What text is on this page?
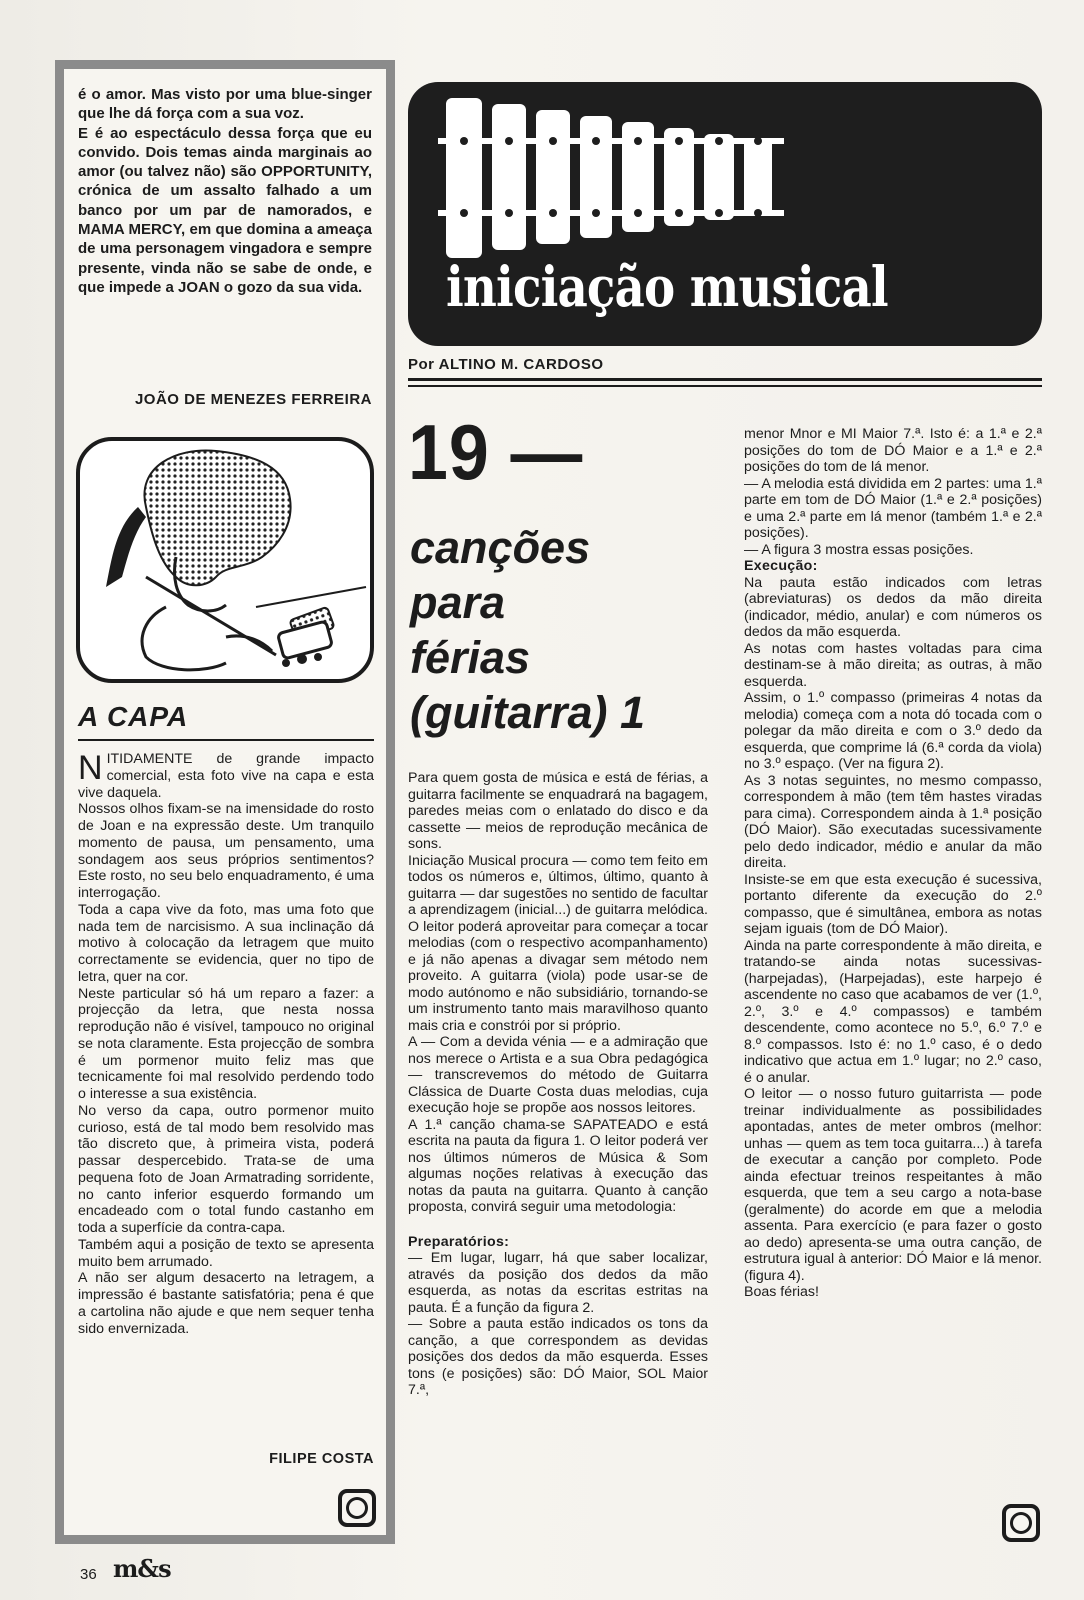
é o amor. Mas visto por uma blue-singer que lhe dá força com a sua voz.

E é ao espectáculo dessa força que eu convido. Dois temas ainda marginais ao amor (ou talvez não) são OPPORTUNITY, crónica de um assalto falhado a um banco por um par de namorados, e MAMA MERCY, em que domina a ameaça de uma personagem vingadora e sempre presente, vinda não se sabe de onde, e que impede a JOAN o gozo da sua vida.

JOÃO DE MENEZES FERREIRA
A CAPA

NITIDAMENTE de grande impacto comercial, esta foto vive na capa e esta vive daquela.

Nossos olhos fixam-se na imensidade do rosto de Joan e na expressão deste. Um tranquilo momento de pausa, um pensamento, uma sondagem aos seus próprios sentimentos? Este rosto, no seu belo enquadramento, é uma interrogação.

Toda a capa vive da foto, mas uma foto que nada tem de narcisismo. A sua inclinação dá motivo à colocação da letragem que muito correctamente se evidencia, quer no tipo de letra, quer na cor.

Neste particular só há um reparo a fazer: a projecção da letra, que nesta nossa reprodução não é visível, tampouco no original se nota claramente. Esta projecção de sombra é um pormenor muito feliz mas que tecnicamente foi mal resolvido perdendo todo o interesse a sua existência.

No verso da capa, outro pormenor muito curioso, está de tal modo bem resolvido mas tão discreto que, à primeira vista, poderá passar despercebido. Trata-se de uma pequena foto de Joan Armatrading sorridente, no canto inferior esquerdo formando um encadeado com o total fundo castanho em toda a superfície da contra-capa.

Também aqui a posição de texto se apresenta muito bem arrumado.

A não ser algum desacerto na letragem, a impressão é bastante satisfatória; pena é que a cartolina não ajude e que nem sequer tenha sido envernizada.

FILIPE COSTA
iniciação musical
Por ALTINO M. CARDOSO
19 —
canções
para
férias
(guitarra) 1

Para quem gosta de música e está de férias, a guitarra facilmente se enquadrará na bagagem, paredes meias com o enlatado do disco e da cassette — meios de reprodução mecânica de sons.

Iniciação Musical procura — como tem feito em todos os números e, últimos, último, quanto à guitarra — dar sugestões no sentido de facultar a aprendizagem (inicial...) de guitarra melódica. O leitor poderá aproveitar para começar a tocar melodias (com o respectivo acompanhamento) e já não apenas a divagar sem método nem proveito. A guitarra (viola) pode usar-se de modo autónomo e não subsidiário, tornando-se um instrumento tanto mais maravilhoso quanto mais cria e constrói por si próprio.

A — Com a devida vénia — e a admiração que nos merece o Artista e a sua Obra pedagógica — transcrevemos do método de Guitarra Clássica de Duarte Costa duas melodias, cuja execução hoje se propõe aos nossos leitores.

A 1.ª canção chama-se SAPATEADO e está escrita na pauta da figura 1. O leitor poderá ver nos últimos números de Música & Som algumas noções relativas à execução das notas da pauta na guitarra. Quanto à canção proposta, convirá seguir uma metodologia:

Preparatórios:

— Em lugar, lugarr, há que saber localizar, através da posição dos dedos da mão esquerda, as notas da escritas estritas na pauta. É a função da figura 2.

— Sobre a pauta estão indicados os tons da canção, a que correspondem as devidas posições dos dedos da mão esquerda. Esses tons (e posições) são: DÓ Maior, SOL Maior 7.ª,

menor Mnor e MI Maior 7.ª. Isto é: a 1.ª e 2.ª posições do tom de DÓ Maior e a 1.ª e 2.ª posições do tom de lá menor.

— A melodia está dividida em 2 partes: uma 1.ª parte em tom de DÓ Maior (1.ª e 2.ª posições) e uma 2.ª parte em lá menor (também 1.ª e 2.ª posições).

— A figura 3 mostra essas posições.

Execução:

Na pauta estão indicados com letras (abreviaturas) os dedos da mão direita (indicador, médio, anular) e com números os dedos da mão esquerda.

As notas com hastes voltadas para cima destinam-se à mão direita; as outras, à mão esquerda.

Assim, o 1.º compasso (primeiras 4 notas da melodia) começa com a nota dó tocada com o polegar da mão direita e com o 3.º dedo da esquerda, que comprime lá (6.ª corda da viola) no 3.º espaço. (Ver na figura 2).

As 3 notas seguintes, no mesmo compasso, correspondem à mão (tem têm hastes viradas para cima). Correspondem ainda à 1.ª posição (DÓ Maior). São executadas sucessivamente pelo dedo indicador, médio e anular da mão direita.

Insiste-se em que esta execução é sucessiva, portanto diferente da execução do 2.º compasso, que é simultânea, embora as notas sejam iguais (tom de DÓ Maior).

Ainda na parte correspondente à mão direita, e tratando-se ainda notas sucessivas-(harpejadas), (Harpejadas), este harpejo é ascendente no caso que acabamos de ver (1.º, 2.º, 3.º e 4.º compassos) e também descendente, como acontece no 5.º, 6.º 7.º e 8.º compassos. Isto é: no 1.º caso, é o dedo indicativo que actua em 1.º lugar; no 2.º caso, é o anular.

O leitor — o nosso futuro guitarrista — pode treinar individualmente as possibilidades apontadas, antes de meter ombros (melhor: unhas — quem as tem toca guitarra...) à tarefa de executar a canção por completo. Pode ainda efectuar treinos respeitantes à mão esquerda, que tem a seu cargo a nota-base (geralmente) do acorde em que a melodia assenta. Para exercício (e para fazer o gosto ao dedo) apresenta-se uma outra canção, de estrutura igual à anterior: DÓ Maior e lá menor. (figura 4).

Boas férias!

36 m&s
